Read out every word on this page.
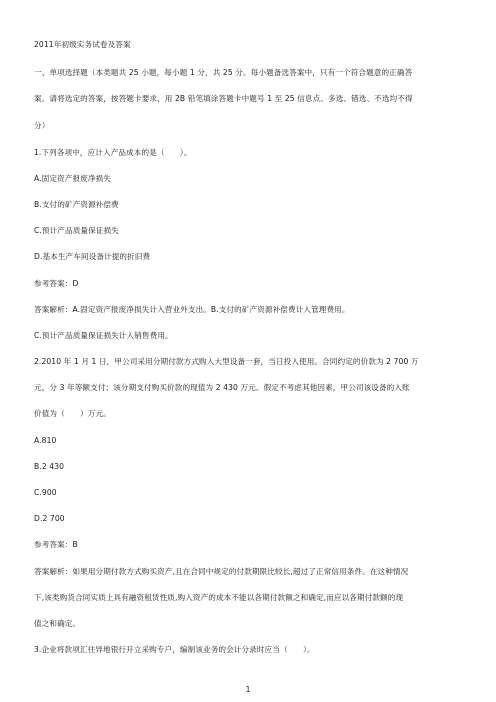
2011年初级实务试卷及答案
一、单项选择题（本类题共 25 小题，每小题 1 分，共 25 分。每小题备选答案中，只有一个符合题意的正确答
案。请将选定的答案，按答题卡要求，用 2B 铅笔填涂答题卡中题号 1 至 25 信息点。多选、错选、不选均不得
分）
1.下列各项中，应计入产品成本的是（　　）。
A.固定资产报废净损失
B.支付的矿产资源补偿费
C.预计产品质量保证损失
D.基本生产车间设备计提的折旧费
参考答案：D
答案解析：A.固定资产报废净损失计入营业外支出。B.支付的矿产资源补偿费计入管理费用。
C.预计产品质量保证损失计入销售费用。
2.2010 年 1 月 1 日，甲公司采用分期付款方式购入大型设备一套，当日投入使用。合同约定的价款为 2 700 万
元，分 3 年等额支付；该分期支付购买价款的现值为 2 430 万元。假定不考虑其他因素，甲公司该设备的入账
价值为（　　）万元。
A.810
B.2 430
C.900
D.2 700
参考答案：B
答案解析：如果用分期付款方式购买资产,且在合同中规定的付款期限比较长,超过了正常信用条件。在这种情况
下,该类购货合同实质上具有融资租赁性质,购入资产的成本不能以各期付款额之和确定,而应以各期付款额的现
值之和确定。
3.企业将款项汇往异地银行开立采购专户，编制该业务的会计分录时应当（　　）。
1
